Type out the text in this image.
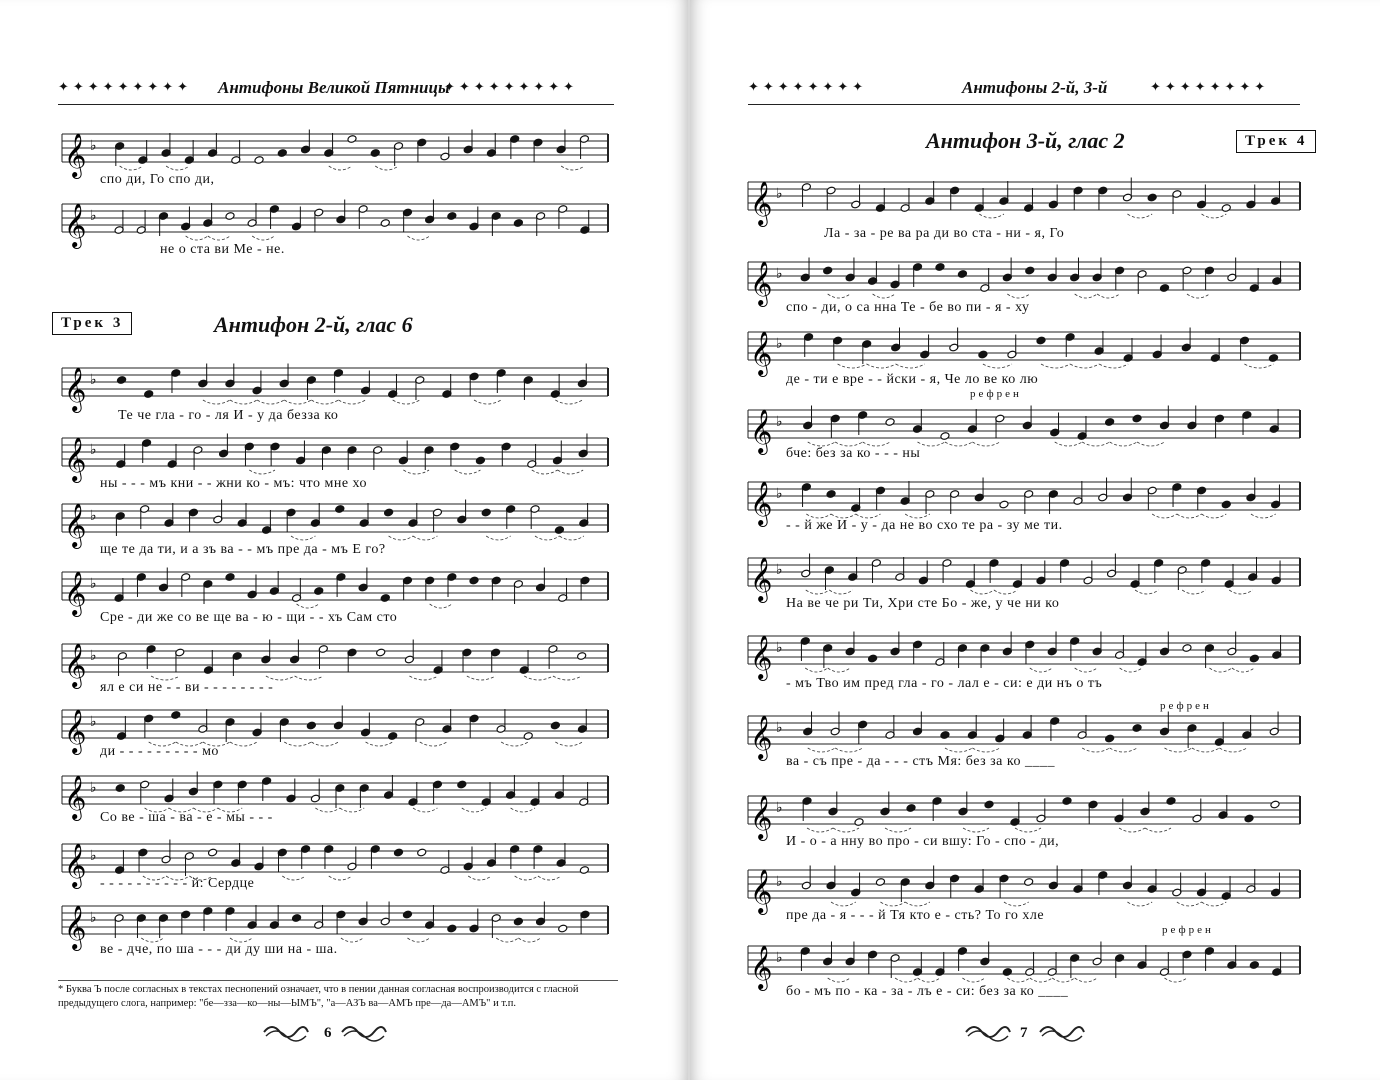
✦✦✦✦✦✦✦✦✦ Антифоны Великой Пятницы
✦✦✦✦✦✦✦✦✦
𝄞 ♭
спо ди, Го спо ди,
𝄞 ♭
не о ста ви Ме - не.
Трек 3	Антифон 2-й, глас 6
𝄞 ♭
Те че гла - го - ля И - у да безза ко
𝄞 ♭
ны - - - мъ кни - - жни ко - мъ: что мне хо
𝄞 ♭
ще те да ти, и а зъ ва - - мъ пре да - мъ Е го?
𝄞 ♭
Сре - ди же со ве ще ва - ю - щи - - хъ Сам сто
𝄞 ♭
ял е си не - - ви - - - - - - - -
𝄞 ♭
ди - - - - - - - - - мо
𝄞 ♭
Со ве - ша - ва - е - мы - - -
𝄞 ♭
- - - - - - - - - - й: Сердце
𝄞 ♭
ве - дче, по ша - - - ди ду ши на - ша.
* Буква Ъ после согласных в текстах песнопений означает, что в пении данная согласная воспроизводится с гласной предыдущего слога, например: "бе—зза—ко—ны—ЫМЪ", "а—АЗЪ ва—АМЪ пре—да—АМЪ" и т.п.
6
✦✦✦✦✦✦✦✦	Антифоны 2-й, 3-й	✦✦✦✦✦✦✦✦
Антифон 3-й, глас 2	Трек 4
𝄞 ♭
Ла - за - ре ва ра ди во ста - ни - я, Го
𝄞 ♭
спо - ди, о са нна Те - бе во пи - я - ху
𝄞 ♭
де - ти е вре - - йски - я, Че ло ве ко лю
рефрен
𝄞 ♭
бче: без за ко - - - ны
𝄞 ♭
- - й же И - у - да не во схо те ра - зу ме ти.
𝄞 ♭
На ве че ри Ти, Хри сте Бо - же, у че ни ко
𝄞 ♭
- мъ Тво им пред гла - го - лал е - си: е ди нъ о тъ
рефрен
𝄞 ♭
ва - съ пре - да - - - стъ Мя: без за ко ____
𝄞 ♭
И - о - а нну во про - си вшу: Го - спо - ди,
𝄞 ♭
пре да - я - - - й Тя кто е - сть? То го хле
рефрен
𝄞 ♭
бо - мъ по - ка - за - лъ е - си: без за ко ____
7
